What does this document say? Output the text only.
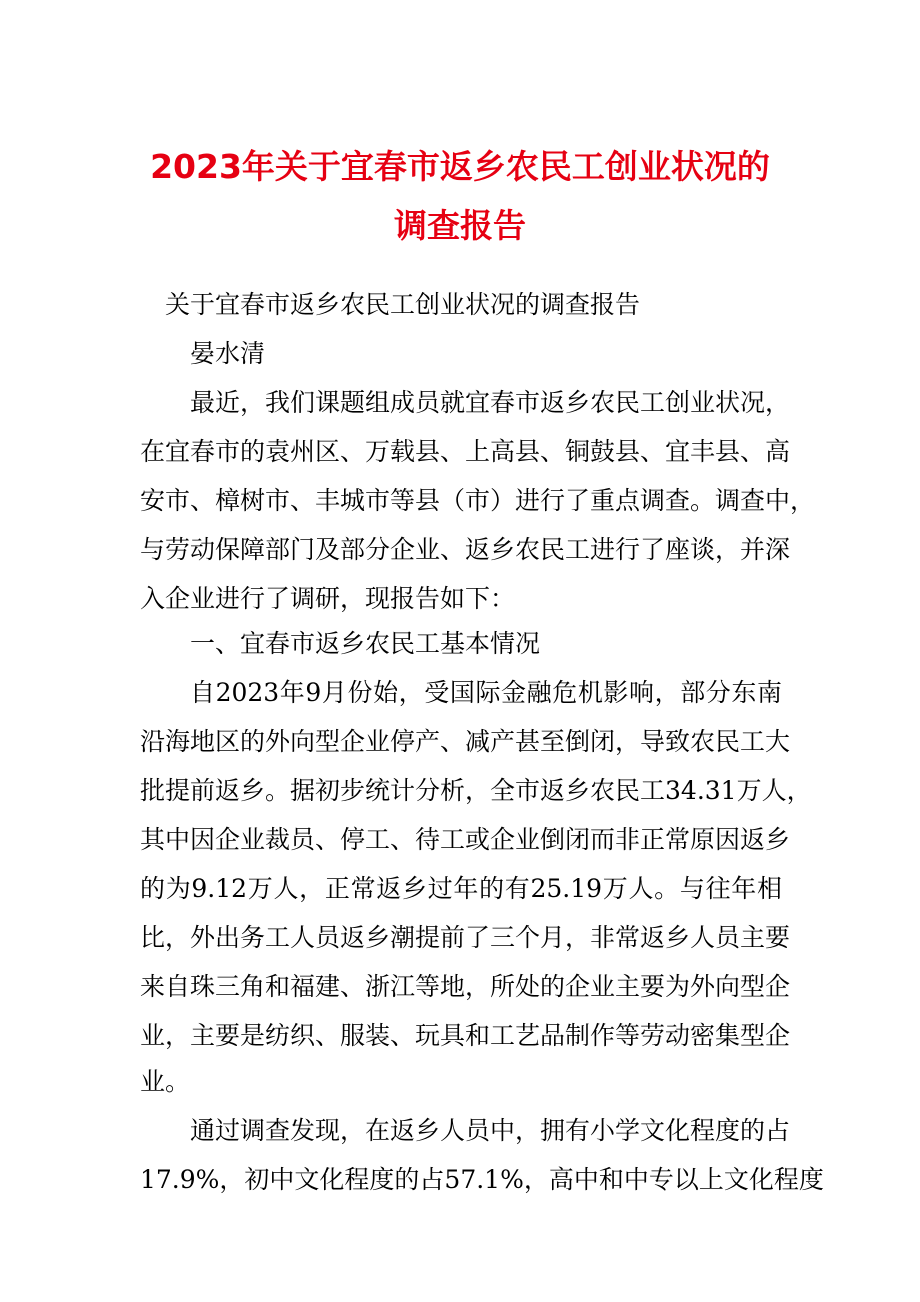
2023年关于宜春市返乡农民工创业状况的
调查报告
关于宜春市返乡农民工创业状况的调查报告
晏水清
最近，我们课题组成员就宜春市返乡农民工创业状况，
在宜春市的袁州区、万载县、上高县、铜鼓县、宜丰县、高
安市、樟树市、丰城市等县（市）进行了重点调查。调查中，
与劳动保障部门及部分企业、返乡农民工进行了座谈，并深
入企业进行了调研，现报告如下：
一、宜春市返乡农民工基本情况
自2023年9月份始，受国际金融危机影响，部分东南
沿海地区的外向型企业停产、减产甚至倒闭，导致农民工大
批提前返乡。据初步统计分析，全市返乡农民工34.31万人，
其中因企业裁员、停工、待工或企业倒闭而非正常原因返乡
的为9.12万人，正常返乡过年的有25.19万人。与往年相
比，外出务工人员返乡潮提前了三个月，非常返乡人员主要
来自珠三角和福建、浙江等地，所处的企业主要为外向型企
业，主要是纺织、服装、玩具和工艺品制作等劳动密集型企
业。
通过调查发现，在返乡人员中，拥有小学文化程度的占
17.9%，初中文化程度的占57.1%，高中和中专以上文化程度
